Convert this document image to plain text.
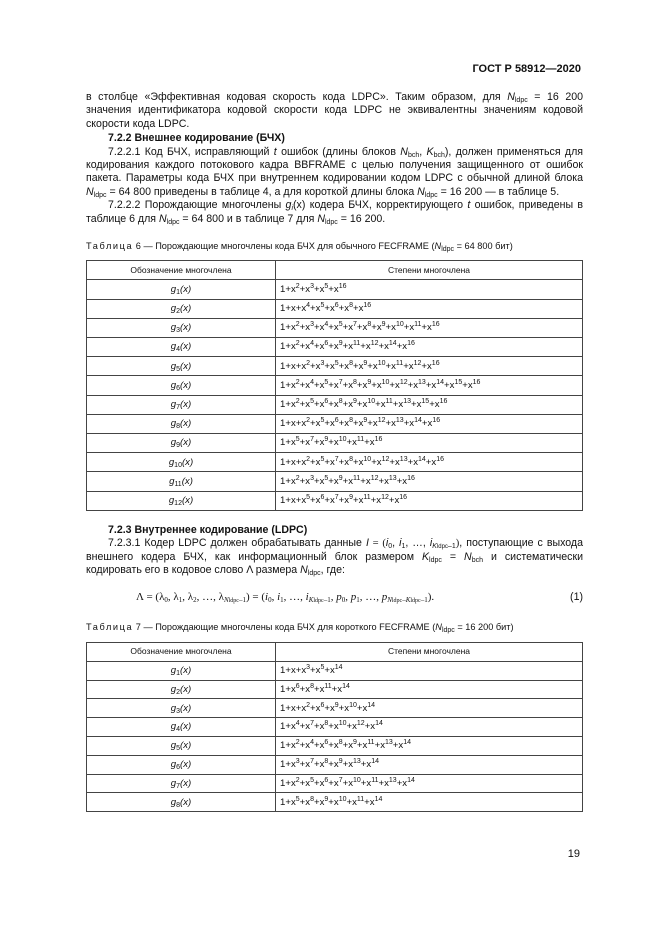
ГОСТ Р 58912—2020

в столбце «Эффективная кодовая скорость кода LDPC». Таким образом, для $N_{ldpc} = 16$ 200 значения идентификатора кодовой скорости кода LDPC не эквивалентны значениям кодовой скорости кода LDPC.

7.2.2 Внешнее кодирование (БЧХ)

7.2.2.1 Код БЧХ, исправляющий t ошибок (длины блоков $N_{bch}$, $K_{bch}$), должен применяться для кодирования каждого потокового кадра BBFRAME с целью получения защищенного от ошибок пакета. Параметры кода БЧХ при внутреннем кодировании кодом LDPC с обычной длиной блока $N_{ldpc} = 64$ 800 приведены в таблице 4, а для короткой длины блока $N_{ldpc} = 16$ 200 — в таблице 5.

7.2.2.2 Порождающие многочлены $g_i(x)$ кодера БЧХ, корректирующего t ошибок, приведены в таблице 6 для $N_{ldpc} = 64$ 800 и в таблице 7 для $N_{ldpc} = 16$ 200.

Таблица 6 — Порождающие многочлены кода БЧХ для обычного FECFRAME ($N_{ldpc} = 64$ 800 бит)
Обозначение многочлена	Степени многочлена
$g_1(x)$	$1+x^2+x^3+x^5+x^{16}$
$g_2(x)$	$1+x+x^4+x^5+x^6+x^8+x^{16}$
$g_3(x)$	$1+x^2+x^3+x^4+x^5+x^7+x^8+x^9+x^{10}+x^{11}+x^{16}$
$g_4(x)$	$1+x^2+x^4+x^6+x^9+x^{11}+x^{12}+x^{14}+x^{16}$
$g_5(x)$	$1+x+x^2+x^3+x^5+x^8+x^9+x^{10}+x^{11}+x^{12}+x^{16}$
$g_6(x)$	$1+x^2+x^4+x^5+x^7+x^8+x^9+x^{10}+x^{12}+x^{13}+x^{14}+x^{15}+x^{16}$
$g_7(x)$	$1+x^2+x^5+x^6+x^8+x^9+x^{10}+x^{11}+x^{13}+x^{15}+x^{16}$
$g_8(x)$	$1+x+x^2+x^5+x^6+x^8+x^9+x^{12}+x^{13}+x^{14}+x^{16}$
$g_9(x)$	$1+x^5+x^7+x^9+x^{10}+x^{11}+x^{16}$
$g_{10}(x)$	$1+x+x^2+x^5+x^7+x^8+x^{10}+x^{12}+x^{13}+x^{14}+x^{16}$
$g_{11}(x)$	$1+x^2+x^3+x^5+x^9+x^{11}+x^{12}+x^{13}+x^{16}$
$g_{12}(x)$	$1+x+x^5+x^6+x^7+x^9+x^{11}+x^{12}+x^{16}$

7.2.3 Внутреннее кодирование (LDPC)

7.2.3.1 Кодер LDPC должен обрабатывать данные $I = (i_0$, $i_1$, …, $i_{Kldpc-1}$), поступающие с выхода внешнего кодера БЧХ, как информационный блок размером $K_{ldpc} = N_{bch}$ и систематически кодировать его в кодовое слово Λ размера $N_{ldpc}$, где:

$\Lambda = (\lambda_0$, $\lambda_1$, $\lambda_2$, …, $\lambda_{Nldpc-1}) = (i_0$, $i_1$, …, $i_{Kldpc-1}$, $p_0$, $p_1$, …, $p_{Nldpc-Kldpc-1}$).	(1)
Таблица 7 — Порождающие многочлены кода БЧХ для короткого FECFRAME ($N_{ldpc} = 16$ 200 бит)
Обозначение многочлена	Степени многочлена
$g_1(x)$	$1+x+x^3+x^5+x^{14}$
$g_2(x)$	$1+x^6+x^8+x^{11}+x^{14}$
$g_3(x)$	$1+x+x^2+x^6+x^9+x^{10}+x^{14}$
$g_4(x)$	$1+x^4+x^7+x^8+x^{10}+x^{12}+x^{14}$
$g_5(x)$	$1+x^2+x^4+x^6+x^8+x^9+x^{11}+x^{13}+x^{14}$
$g_6(x)$	$1+x^3+x^7+x^8+x^9+x^{13}+x^{14}$
$g_7(x)$	$1+x^2+x^5+x^6+x^7+x^{10}+x^{11}+x^{13}+x^{14}$
$g_8(x)$	$1+x^5+x^8+x^9+x^{10}+x^{11}+x^{14}$
19
